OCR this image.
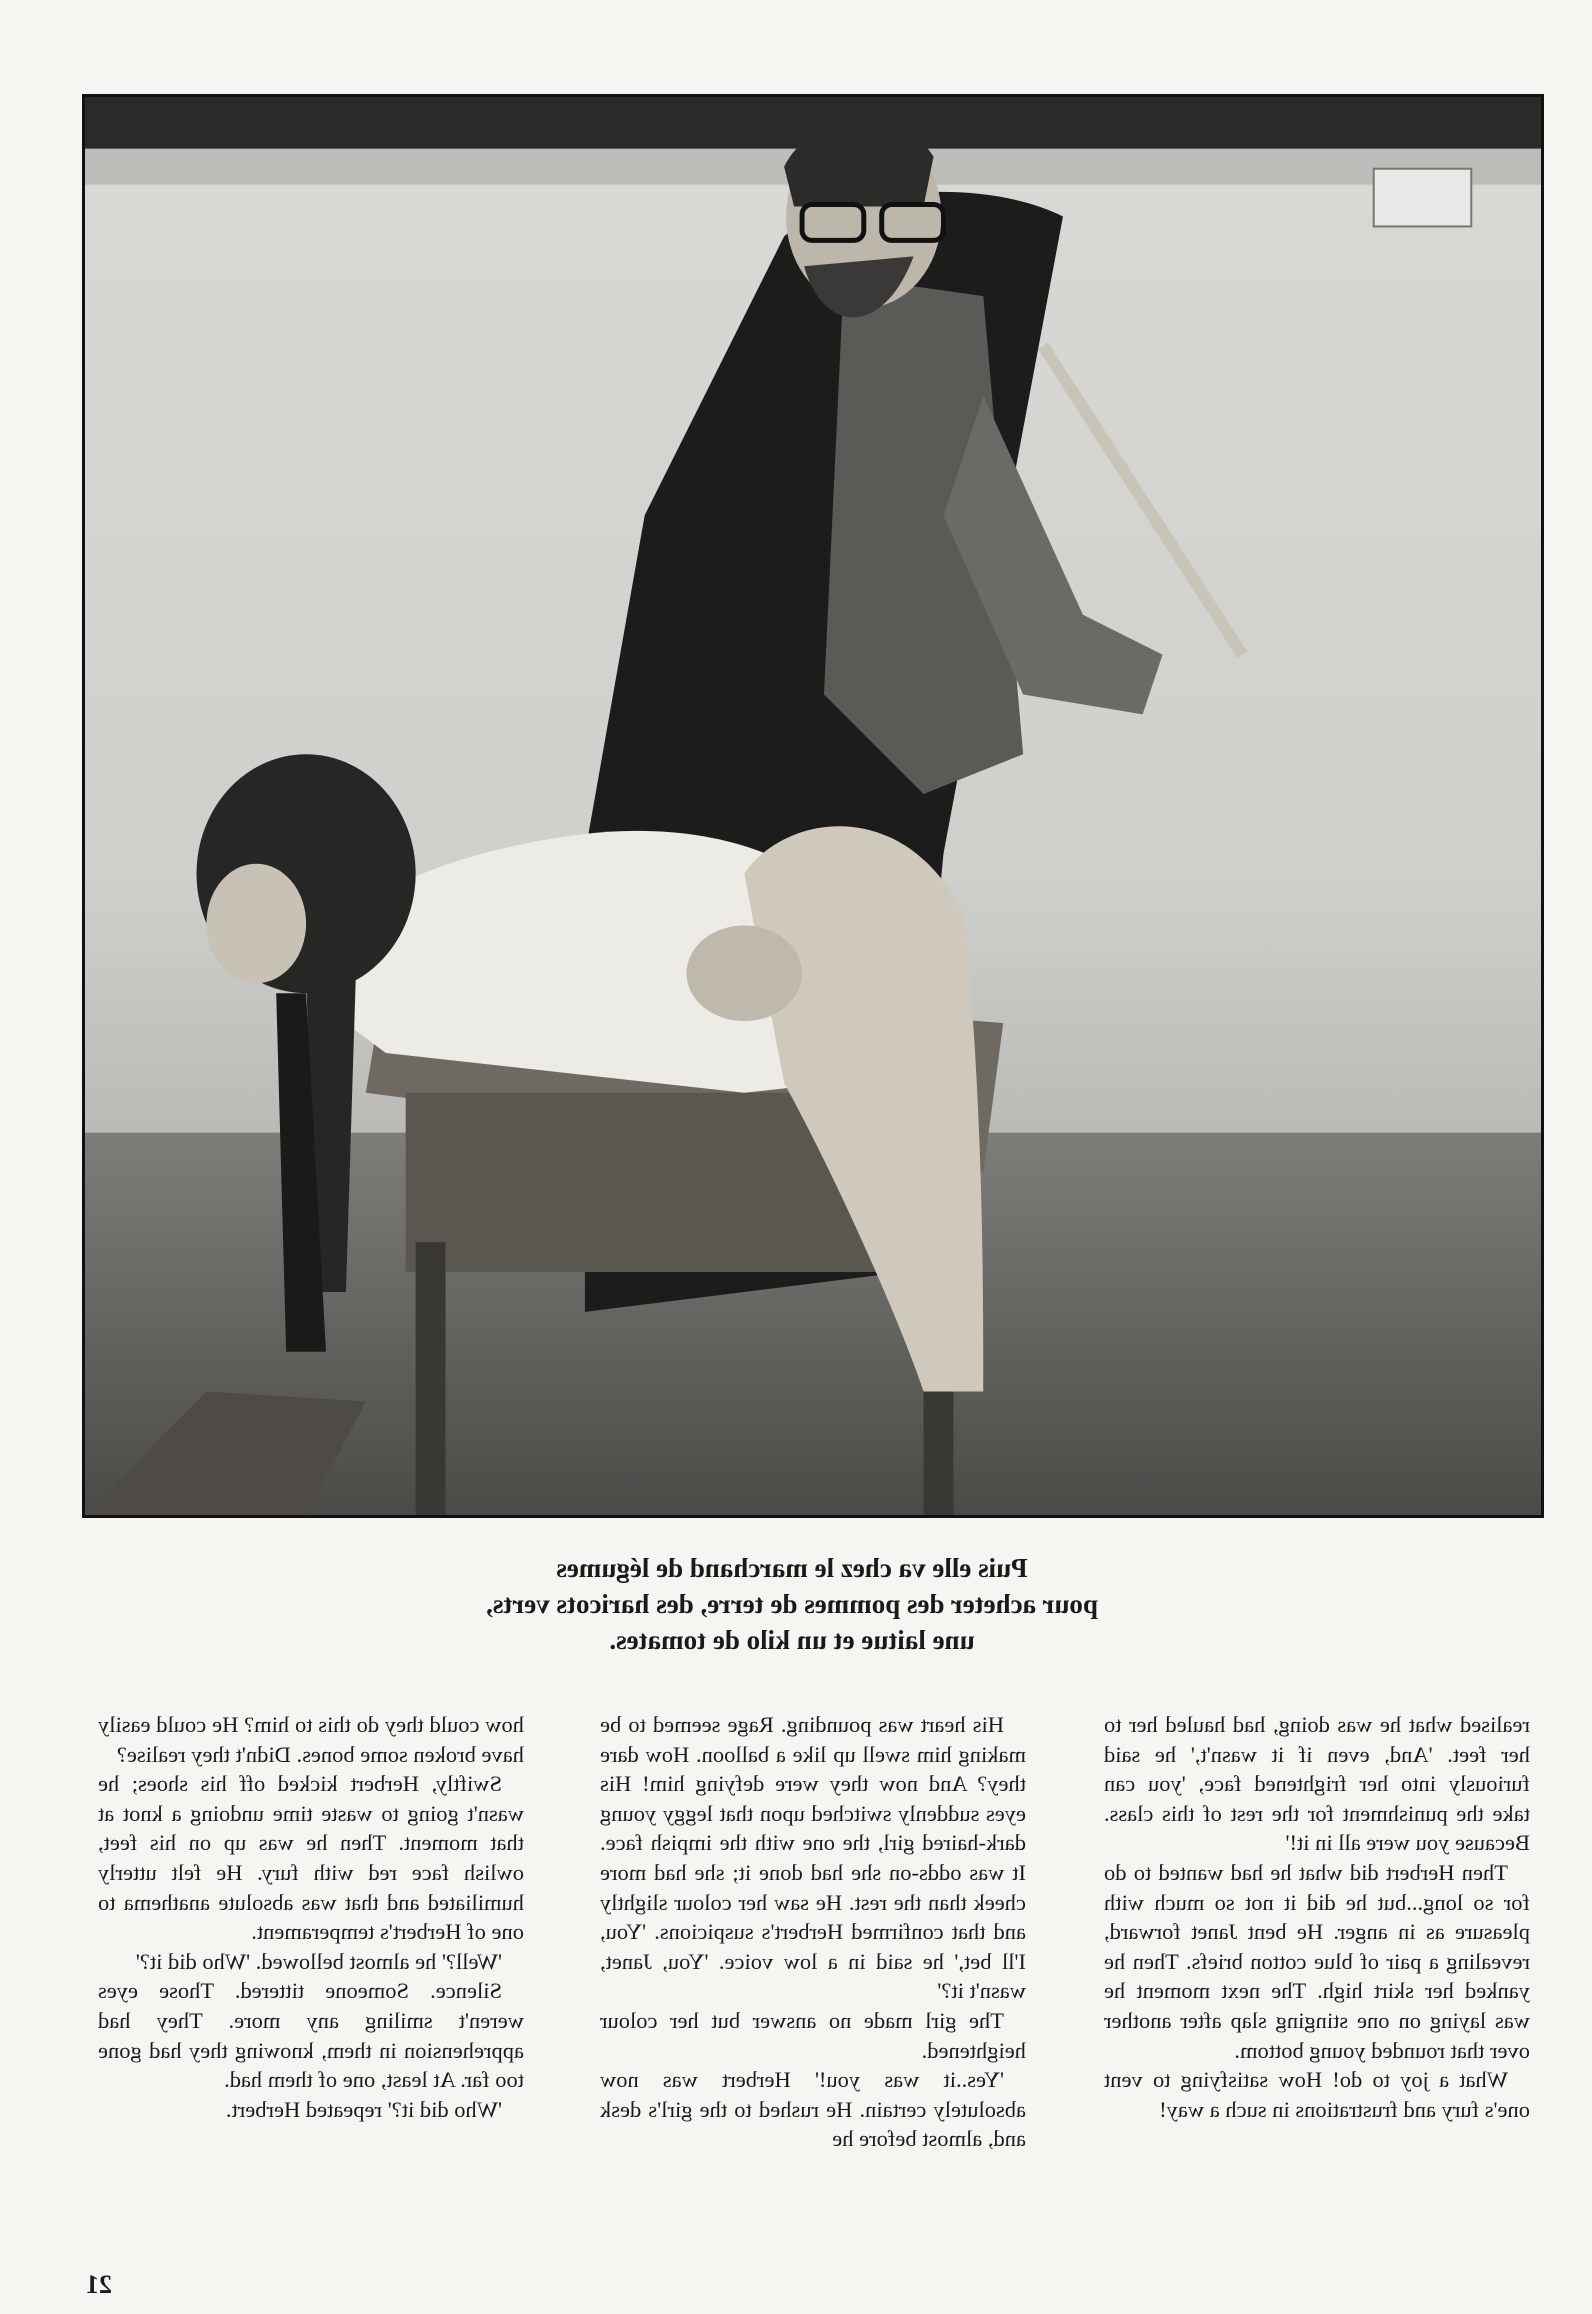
Puis elle va chez le marchand de légumes
pour acheter des pommes de terre, des haricots verts,
une laitue et un kilo de tomates.

how could they do this to him? He could easily have broken some bones. Didn't they realise?

Swiftly, Herbert kicked off his shoes; he wasn't going to waste time undoing a knot at that moment. Then he was up on his feet, owlish face red with fury. He felt utterly humiliated and that was absolute anathema to one of Herbert's temperament.

'Well?' he almost bellowed. 'Who did it?'

Silence. Someone tittered. Those eyes weren't smiling any more. They had apprehension in them, knowing they had gone too far. At least, one of them had.

'Who did it?' repeated Herbert.

His heart was pounding. Rage seemed to be making him swell up like a balloon. How dare they? And now they were defying him! His eyes suddenly switched upon that leggy young dark-haired girl, the one with the impish face. It was odds-on she had done it; she had more cheek than the rest. He saw her colour slightly and that confirmed Herbert's suspicions. 'You, I'll bet,' he said in a low voice. 'You, Janet, wasn't it?'

The girl made no answer but her colour heightened.

'Yes..it was you!' Herbert was now absolutely certain. He rushed to the girl's desk and, almost before he

realised what he was doing, had hauled her to her feet. 'And, even if it wasn't,' he said furiously into her frightened face, 'you can take the punishment for the rest of this class. Because you were all in it!'

Then Herbert did what he had wanted to do for so long...but he did it not so much with pleasure as in anger. He bent Janet forward, revealing a pair of blue cotton briefs. Then he yanked her skirt high. The next moment he was laying on one stinging slap after another over that rounded young bottom.

What a joy to do! How satisfying to vent one's fury and frustrations in such a way!

21
